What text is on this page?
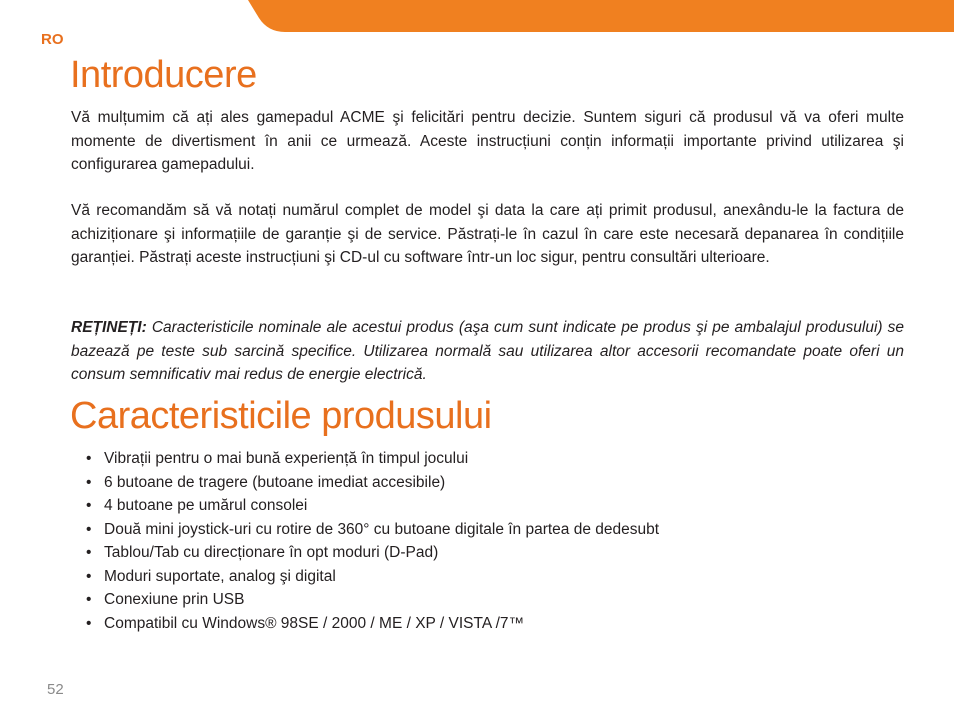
RO
Introducere

Vă mulțumim că ați ales gamepadul ACME şi felicitări pentru decizie. Suntem siguri că produsul vă va oferi multe momente de divertisment în anii ce urmează. Aceste instrucțiuni conțin informații importante privind utilizarea şi configurarea gamepadului.

Vă recomandăm să vă notați numărul complet de model şi data la care ați primit produsul, anexându-le la factura de achiziționare şi informațiile de garanție şi de service. Păstrați-le în cazul în care este necesară depanarea în condițiile garanției. Păstrați aceste instrucțiuni şi CD-ul cu software într-un loc sigur, pentru consultări ulterioare.

REȚINEȚI: Caracteristicile nominale ale acestui produs (aşa cum sunt indicate pe produs şi pe ambalajul produsului) se bazează pe teste sub sarcină specifice. Utilizarea normală sau utilizarea altor accesorii recomandate poate oferi un consum semnificativ mai redus de energie electrică.

Caracteristicile produsului
• Vibrații pentru o mai bună experiență în timpul jocului
• 6 butoane de tragere (butoane imediat accesibile)
• 4 butoane pe umărul consolei
• Două mini joystick-uri cu rotire de 360° cu butoane digitale în partea de dedesubt
• Tablou/Tab cu direcționare în opt moduri (D-Pad)
• Moduri suportate, analog şi digital
• Conexiune prin USB
• Compatibil cu Windows® 98SE / 2000 / ME / XP / VISTA /7™
52
